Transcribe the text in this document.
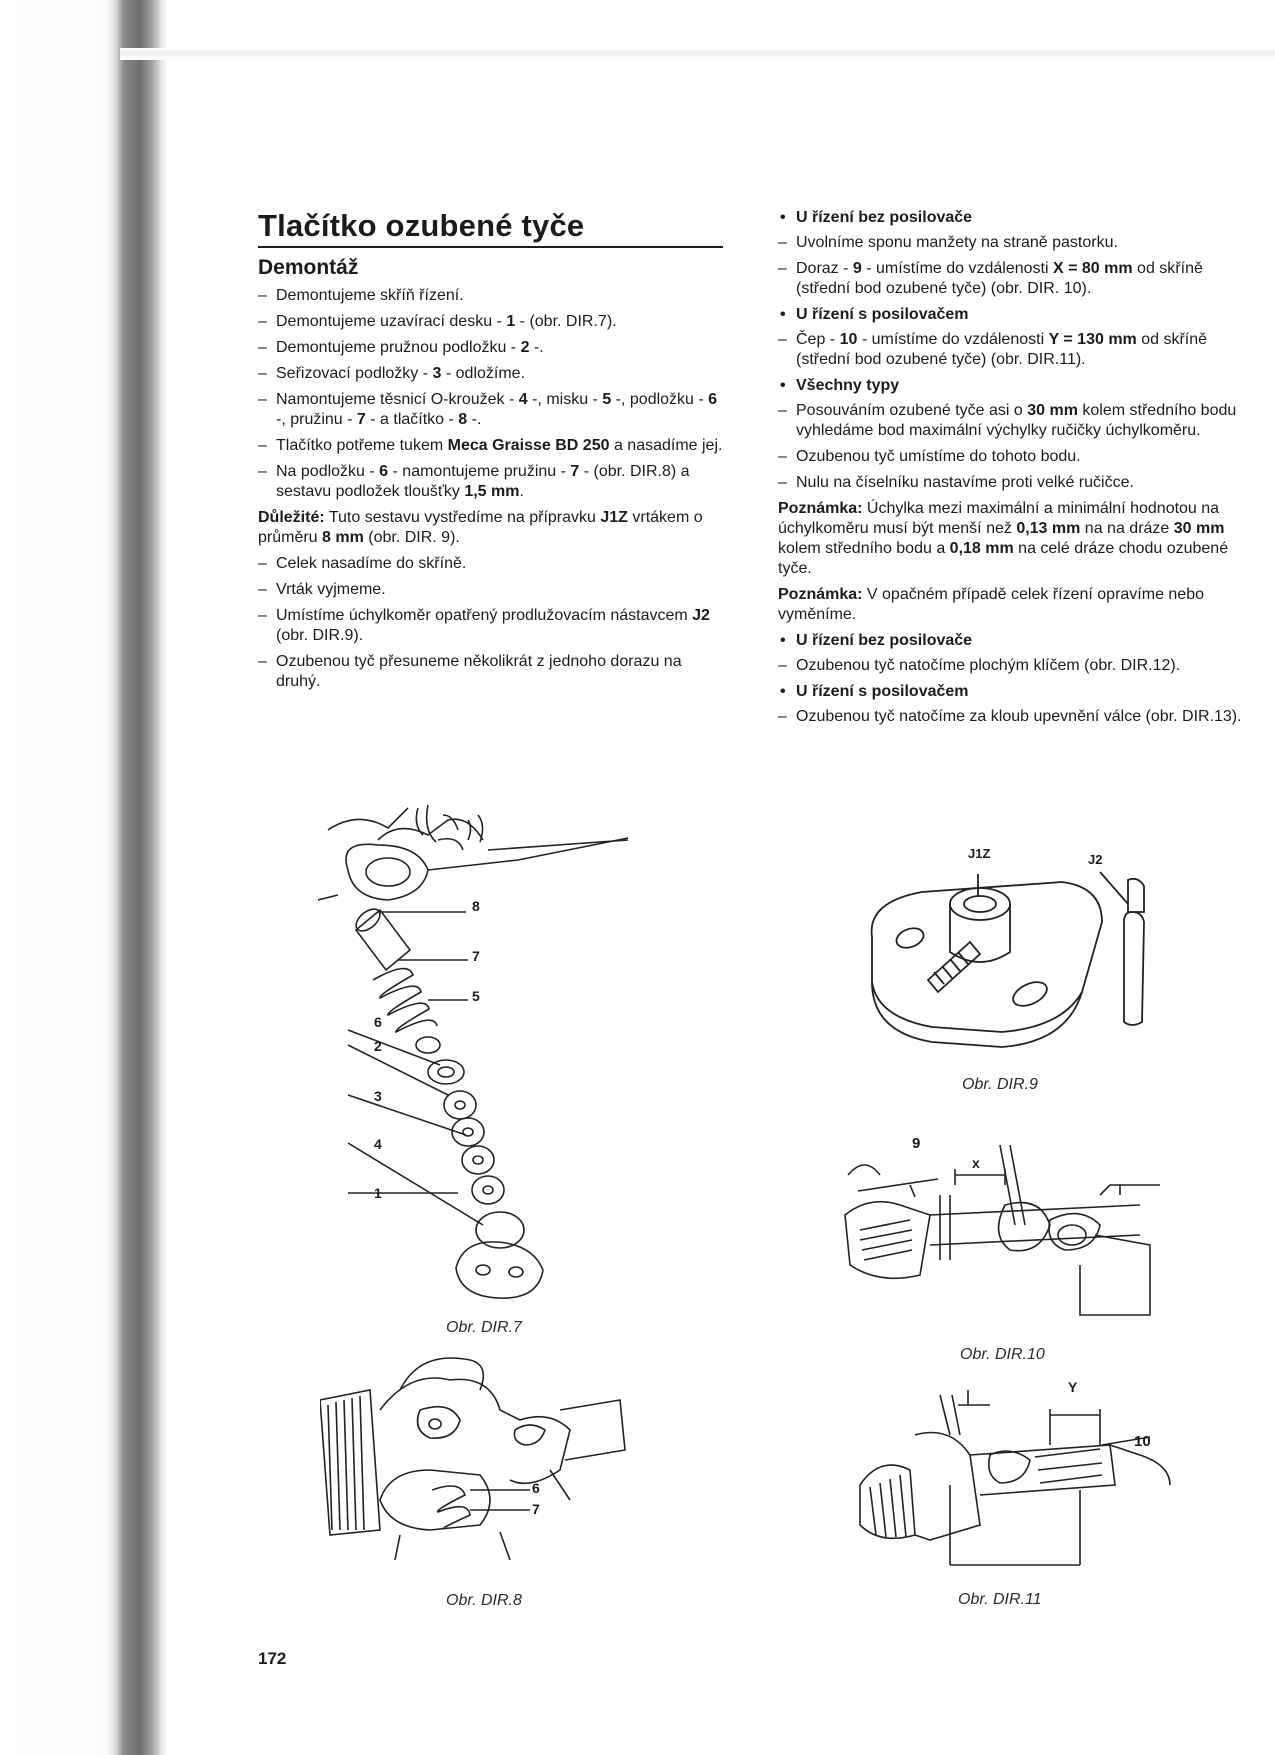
Tlačítko ozubené tyče
Demontáž

– Demontujeme skříň řízení.

– Demontujeme uzavírací desku - 1 - (obr. DIR.7).

– Demontujeme pružnou podložku - 2 -.

– Seřizovací podložky - 3 - odložíme.

– Namontujeme těsnicí O-kroužek - 4 -, misku - 5 -, podložku - 6 -, pružinu - 7 - a tlačítko - 8 -.

– Tlačítko potřeme tukem Meca Graisse BD 250 a nasadíme jej.

– Na podložku - 6 - namontujeme pružinu - 7 - (obr. DIR.8) a sestavu podložek tloušťky 1,5 mm.

Důležité: Tuto sestavu vystředíme na přípravku J1Z vrtákem o průměru 8 mm (obr. DIR. 9).

– Celek nasadíme do skříně.

– Vrták vyjmeme.

– Umístíme úchylkoměr opatřený prodlužovacím nástavcem J2 (obr. DIR.9).

– Ozubenou tyč přesuneme několikrát z jednoho dorazu na druhý.

• U řízení bez posilovače

– Uvolníme sponu manžety na straně pastorku.

– Doraz - 9 - umístíme do vzdálenosti X = 80 mm od skříně (střední bod ozubené tyče) (obr. DIR. 10).

• U řízení s posilovačem

– Čep - 10 - umístíme do vzdálenosti Y = 130 mm od skříně (střední bod ozubené tyče) (obr. DIR.11).

• Všechny typy

– Posouváním ozubené tyče asi o 30 mm kolem středního bodu vyhledáme bod maximální výchylky ručičky úchylkoměru.

– Ozubenou tyč umístíme do tohoto bodu.

– Nulu na číselníku nastavíme proti velké ručičce.

Poznámka: Úchylka mezi maximální a minimální hodnotou na úchylkoměru musí být menší než 0,13 mm na na dráze 30 mm kolem středního bodu a 0,18 mm na celé dráze chodu ozubené tyče.

Poznámka: V opačném případě celek řízení opravíme nebo vyměníme.

• U řízení bez posilovače

– Ozubenou tyč natočíme plochým klíčem (obr. DIR.12).

• U řízení s posilovačem

– Ozubenou tyč natočíme za kloub upevnění válce (obr. DIR.13).

8
7
5
6
2
3
4
1
Obr. DIR.7
6
7
Obr. DIR.8
J1Z	J2
Obr. DIR.9
9
x
Obr. DIR.10
Y
10
Obr. DIR.11
172
